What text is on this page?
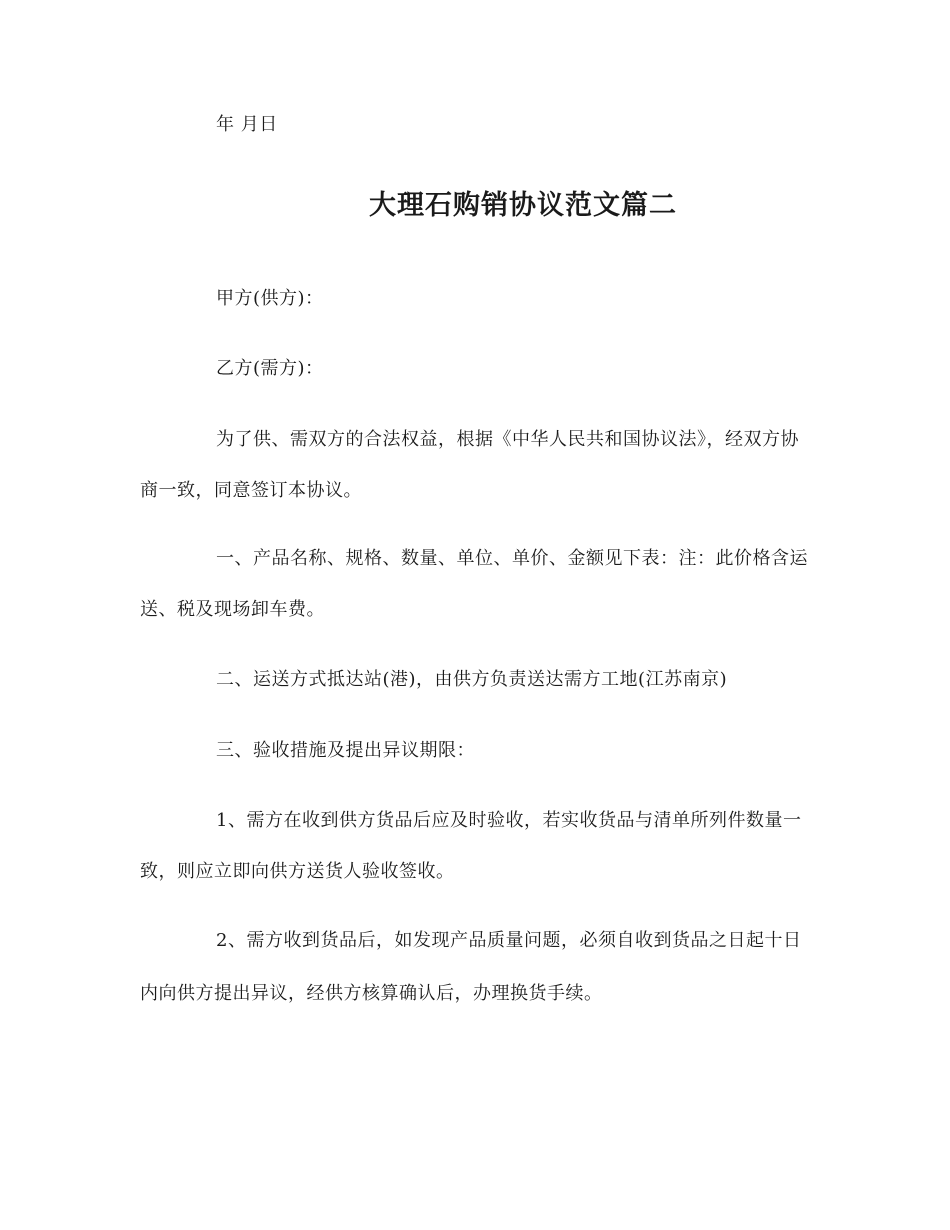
年 月日
大理石购销协议范文篇二
甲方(供方)：
乙方(需方)：
为了供、需双方的合法权益，根据《中华人民共和国协议法》，经双方协
商一致，同意签订本协议。
一、产品名称、规格、数量、单位、单价、金额见下表：注：此价格含运
送、税及现场卸车费。
二、运送方式抵达站(港)，由供方负责送达需方工地(江苏南京)
三、验收措施及提出异议期限：
1、需方在收到供方货品后应及时验收，若实收货品与清单所列件数量一
致，则应立即向供方送货人验收签收。
2、需方收到货品后，如发现产品质量问题，必须自收到货品之日起十日
内向供方提出异议，经供方核算确认后，办理换货手续。
